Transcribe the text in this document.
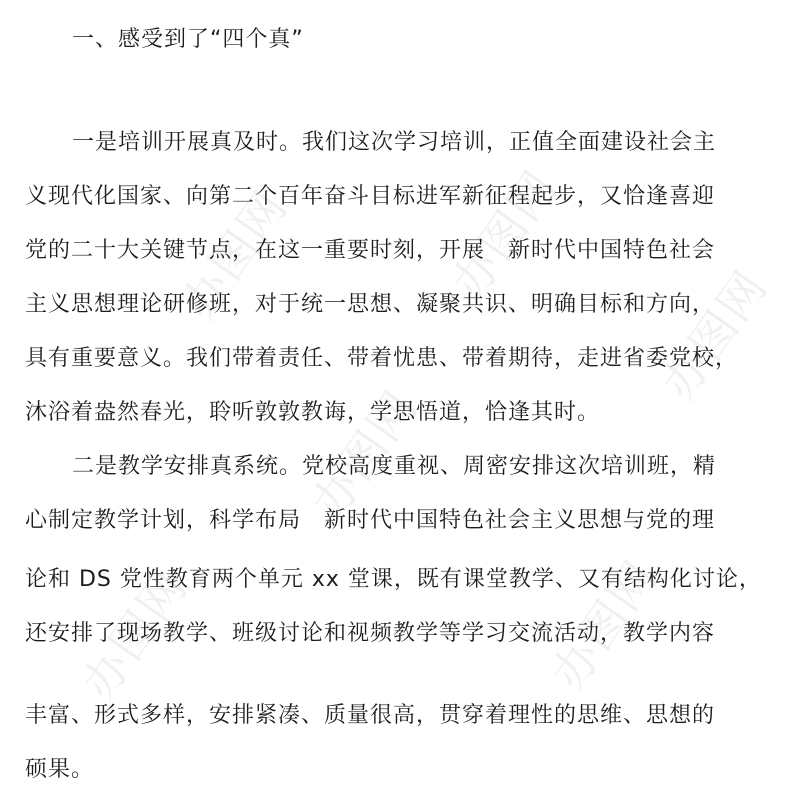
办图网	办图网
办图网
办图网	办图网
办图网
一、感受到了“四个真”
一是培训开展真及时。我们这次学习培训，正值全面建设社会主
义现代化国家、向第二个百年奋斗目标进军新征程起步，又恰逢喜迎
党的二十大关键节点，在这一重要时刻，开展　新时代中国特色社会
主义思想理论研修班，对于统一思想、凝聚共识、明确目标和方向，
具有重要意义。我们带着责任、带着忧患、带着期待，走进省委党校，
沐浴着盎然春光，聆听敦敦教诲，学思悟道，恰逢其时。
二是教学安排真系统。党校高度重视、周密安排这次培训班，精
心制定教学计划，科学布局　新时代中国特色社会主义思想与党的理
论和 DS 党性教育两个单元 xx 堂课，既有课堂教学、又有结构化讨论，
还安排了现场教学、班级讨论和视频教学等学习交流活动，教学内容
丰富、形式多样，安排紧凑、质量很高，贯穿着理性的思维、思想的
硕果。
